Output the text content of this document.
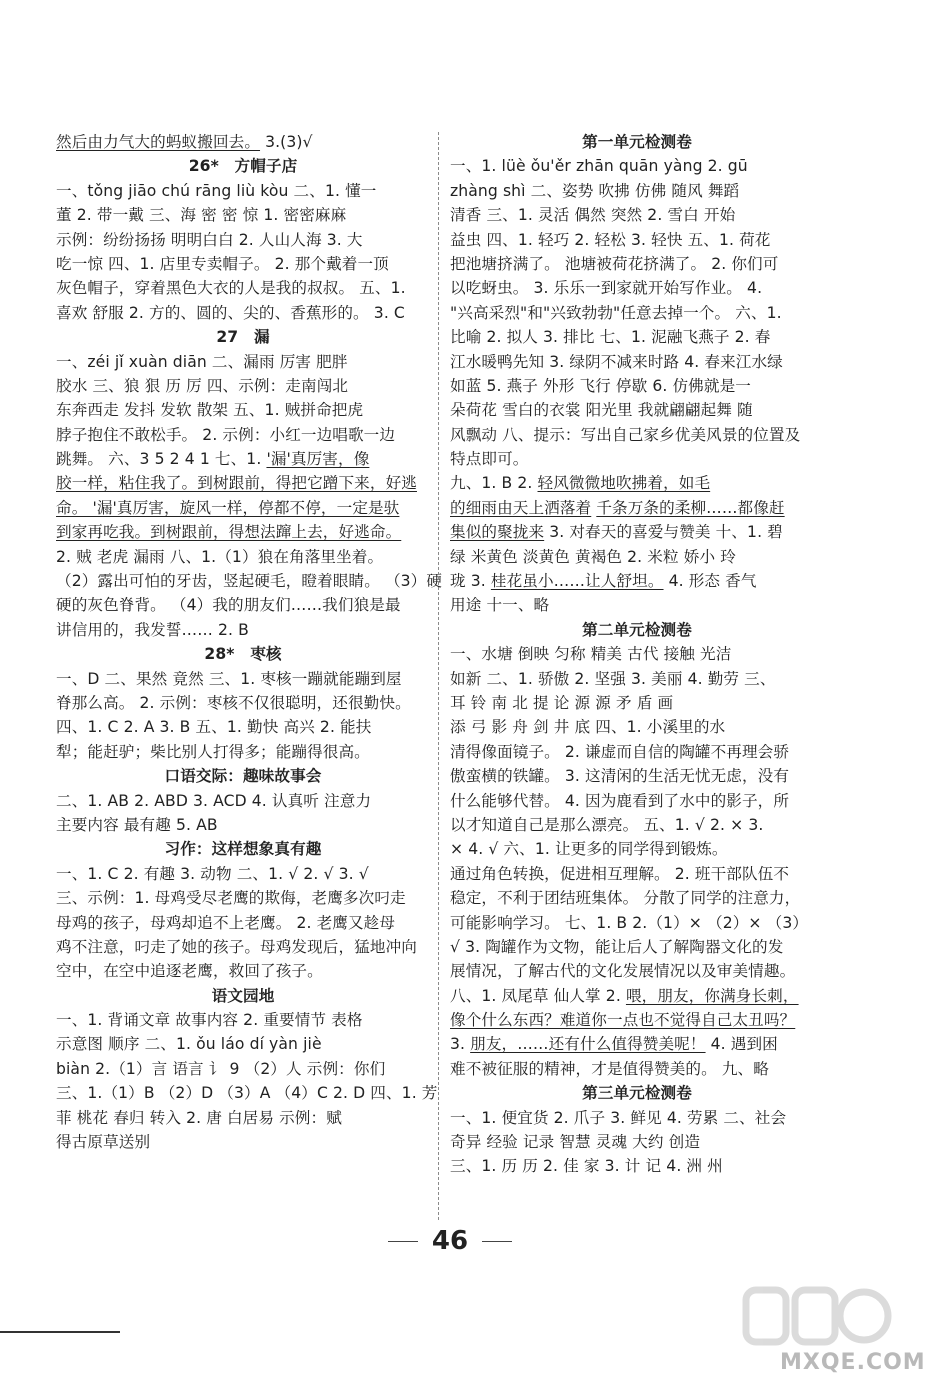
然后由力气大的蚂蚁搬回去。 3.(3)√
26*　方帽子店
一、tǒng jiāo chú rāng liù kòu 二、1. 懂一
董 2. 带一戴 三、海 密 密 惊 1. 密密麻麻
示例：纷纷扬扬 明明白白 2. 人山人海 3. 大
吃一惊 四、1. 店里专卖帽子。 2. 那个戴着一顶
灰色帽子，穿着黑色大衣的人是我的叔叔。 五、1.
喜欢 舒服 2. 方的、圆的、尖的、香蕉形的。 3. C
27　漏
一、zéi jǐ xuàn diān 二、漏雨 厉害 肥胖
胶水 三、狼 狠 历 厉 四、示例：走南闯北
东奔西走 发抖 发软 散架 五、1. 贼拼命把虎
脖子抱住不敢松手。 2. 示例：小红一边唱歌一边
跳舞。 六、3 5 2 4 1 七、1. '漏'真厉害，像
胶一样，粘住我了。到树跟前，得把它蹭下来，好逃
命。 '漏'真厉害，旋风一样，停都不停，一定是驮
到家再吃我。到树跟前，得想法蹿上去，好逃命。
2. 贼 老虎 漏雨 八、1.（1）狼在角落里坐着。
（2）露出可怕的牙齿，竖起硬毛，瞪着眼睛。 （3）硬
硬的灰色脊背。 （4）我的朋友们……我们狼是最
讲信用的，我发誓…… 2. B
28*　枣核
一、D 二、果然 竟然 三、1. 枣核一蹦就能蹦到屋
脊那么高。 2. 示例：枣核不仅很聪明，还很勤快。
四、1. C 2. A 3. B 五、1. 勤快 高兴 2. 能扶
犁；能赶驴；柴比别人打得多；能蹦得很高。
口语交际：趣味故事会
二、1. AB 2. ABD 3. ACD 4. 认真听 注意力
主要内容 最有趣 5. AB
习作：这样想象真有趣
一、1. C 2. 有趣 3. 动物 二、1. √ 2. √ 3. √
三、示例：1. 母鸡受尽老鹰的欺侮，老鹰多次叼走
母鸡的孩子，母鸡却追不上老鹰。 2. 老鹰又趁母
鸡不注意，叼走了她的孩子。母鸡发现后，猛地冲向
空中，在空中追逐老鹰，救回了孩子。
语文园地
一、1. 背诵文章 故事内容 2. 重要情节 表格
示意图 顺序 二、1. ǒu láo dí yàn jiè
biàn 2.（1）言 语言 讠 9 （2）人 示例：你们
三、1.（1）B （2）D （3）A （4）C 2. D 四、1. 芳
菲 桃花 春归 转入 2. 唐 白居易 示例：赋
得古原草送别
第一单元检测卷
一、1. lüè ǒu'ěr zhān quān yàng 2. gū
zhàng shì 二、姿势 吹拂 仿佛 随风 舞蹈
清香 三、1. 灵活 偶然 突然 2. 雪白 开始
益虫 四、1. 轻巧 2. 轻松 3. 轻快 五、1. 荷花
把池塘挤满了。 池塘被荷花挤满了。 2. 你们可
以吃蚜虫。 3. 乐乐一到家就开始写作业。 4.
"兴高采烈"和"兴致勃勃"任意去掉一个。 六、1.
比喻 2. 拟人 3. 排比 七、1. 泥融飞燕子 2. 春
江水暖鸭先知 3. 绿阴不减来时路 4. 春来江水绿
如蓝 5. 燕子 外形 飞行 停歇 6. 仿佛就是一
朵荷花 雪白的衣裳 阳光里 我就翩翩起舞 随
风飘动 八、提示：写出自己家乡优美风景的位置及
特点即可。
九、1. B 2. 轻风微微地吹拂着，如毛
的细雨由天上洒落着 千条万条的柔柳……都像赶
集似的聚拢来 3. 对春天的喜爱与赞美 十、1. 碧
绿 米黄色 淡黄色 黄褐色 2. 米粒 娇小 玲
珑 3. 桂花虽小……让人舒坦。 4. 形态 香气
用途 十一、略
第二单元检测卷
一、水塘 倒映 匀称 精美 古代 接触 光洁
如新 二、1. 骄傲 2. 坚强 3. 美丽 4. 勤劳 三、
耳 铃 南 北 提 论 源 源 矛 盾 画
添 弓 影 舟 剑 井 底 四、1. 小溪里的水
清得像面镜子。 2. 谦虚而自信的陶罐不再理会骄
傲蛮横的铁罐。 3. 这清闲的生活无忧无虑，没有
什么能够代替。 4. 因为鹿看到了水中的影子，所
以才知道自己是那么漂亮。 五、1. √ 2. × 3.
× 4. √ 六、1. 让更多的同学得到锻炼。
通过角色转换，促进相互理解。 2. 班干部队伍不
稳定，不利于团结班集体。 分散了同学的注意力，
可能影响学习。 七、1. B 2.（1）× （2）× （3）
√ 3. 陶罐作为文物，能让后人了解陶器文化的发
展情况，了解古代的文化发展情况以及审美情趣。
八、1. 凤尾草 仙人掌 2. 喂，朋友，你满身长刺，
像个什么东西？难道你一点也不觉得自己太丑吗？
3. 朋友，……还有什么值得赞美呢！ 4. 遇到困
难不被征服的精神，才是值得赞美的。 九、略
第三单元检测卷
一、1. 便宜货 2. 爪子 3. 鲜见 4. 劳累 二、社会
奇异 经验 记录 智慧 灵魂 大约 创造
三、1. 历 历 2. 佳 家 3. 计 记 4. 洲 州
46
MXQE.COM
